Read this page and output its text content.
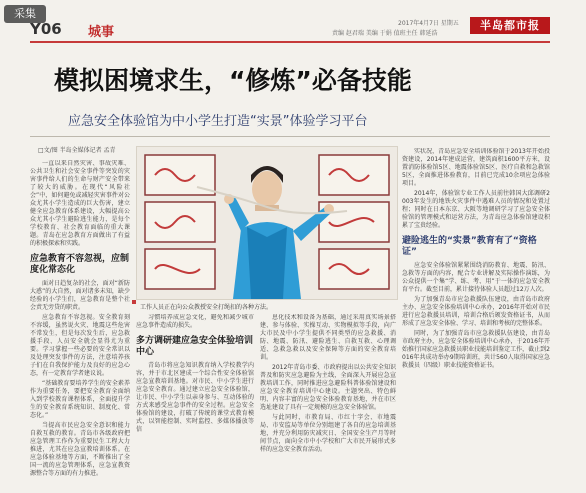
采集
Y06 城事
2017年4月7日 星期五
责编 赵君瑞 美编 于娟 值班主任 韩延浩
半岛都市报
模拟困境求生，“修炼”必备技能
应急安全体验馆为中小学生打造“实景”体验学习平台
□文/图 半岛全媒体记者 孟青

一直以来自然灾害、事故灾难、公共卫生和社会安全事件等突发的灾害事件给人们的生命与财产安全带来了较大的威胁。在现代“风险社会”中，如何避免或减轻灾害事件对公众尤其小学生造成的巨大伤害，建立健全应急教育体系建设，大幅提高公众尤其小学生避险逃生能力，是每个学校教育、社会教育面临的重大课题。青岛在应急教育方面做出了有益的积极探索和实践。

应急教育不容忽视，应制度化常态化

面对日趋复杂的社会，面对“新防大惑”的大自然，面对诸多未知，缺少经验的小学生们，应急教育是整个社会责无旁贷的职责。

应急教育不容忽视。安全教育刻不容缓，虽然说火灾、地震这些危害不常发生，但是每次发生后，应急救援手段、人员安全就会显得尤为重要。学习掌握一些必要的安全常识以及处理突发事件的方法，注意培养孩子们在自我保护能力及良好的应急心态，有一定教育学者建议说。

“基础教育要培养学生的安全素养作为重要任务，要把安全教育全面纳入到学校教育课程体系，全面提升学生的安全教育系统知识、制度化、常态化。”

当提高市民应急安全意识和能力自救互救的教育。青岛市各级政府把应急管理工作作为重要民生工程大力推进，尤其在应急宣教培训体系。在应急体验基地等方面，不断推出了全国一流的应急管理体系，应急宣教资源整合等方面的有力推进。

工作人员正在向公众教授安全打绳扣的各种方法。

习惯培养成应急文化，避免和减少城市应急事件造成的损失。

多方调研建应急安全体验培训中心

青岛市将应急知识教育纳入学校教学内容，并于市北区建成一个综合性安全体验馆应急宣教培训基地。对市民、中小学生进行应急安全教育。通过建立应急安全体验馆，让市民、中小学生以亲身参与、互动体验的方式来感受应急事件的安全过程。应急安全体验馆的建设，打破了传统的课堂式教育模式，以智能控制、实时监控、多媒体播放等信

息化技术和设备为基础，通过采用真实场景搭建、参与体验、实操互动、实物模拟等手段，向广大市民及中小学生提供不同类型的应急救援、消防、地震、防汛、避险逃生、自救互救、心理调适、急救急救以及安全保障等方面的安全教育培训。

2012年青岛市委、市政府提出以公共安全知识普及和防灾应急避险为主线，全面深入开展应急宣教培训工作，同时推进应急避险科普体验馆建设和应急安全教育培训中心建设。主题突出、特色鲜明、内容丰富的应急安全体验教育基地，并在市区选址建设了具有一定规模的应急安全体验馆。

与此同时，市教育局、市红十字会、市地震局、市安监局等单位分别组建了各自的应急培训基地，并充分利用防灾减灾日、全国安全生产月等时间节点，面向全市中小学校和广大市民开展形式多样的应急安全教育活动。

实状况，青岛应急安全培训体验馆于2013年开始投资建设，2014年建成运营，建筑面积1600平方米，设置消防体验馆5区、地震体验馆5区、医疗自救和急救馆5区，全面推进体验教育，目前已完成10余项应急体验项目。

2014年，体验馆专业工作人员前往韩国大邱调研2003年发生的地铁火灾事件中遇难人员的情况和处置过程；同时在日本东京、大阪等地调研学习了应急安全体验馆的管理模式和运营方法，为青岛应急体验馆建设积累了宝贵经验。

避险逃生的“实景”教育有了“资格证”

应急安全体验馆紧紧围绕消防教育、地震、防汛、急救等方面的内容，配合专业讲解及实际操作演练，为公众提供一个集“学、练、考、用”于一体的应急安全教育平台。截至目前，累计接待体验人员超过12万人次。

为了加强青岛市应急救援队伍建设，由青岛市政府主办、应急安全体验培训中心承办，2016年开始对市民进行应急救援员培训，培训合格后颁发资格证书，从而形成了应急安全体验、学习、培训和考核的完整体系。

同时，为了加强青岛市应急救援队伍建设，由青岛市政府主办，应急安全体验培训中心承办，于2016年开始推行国家应急救援员职业技能培训鉴定工作，截止到2016年共成功举办9期培训班，共计560人取得国家应急救援员（四级）职业技能资格证书。
